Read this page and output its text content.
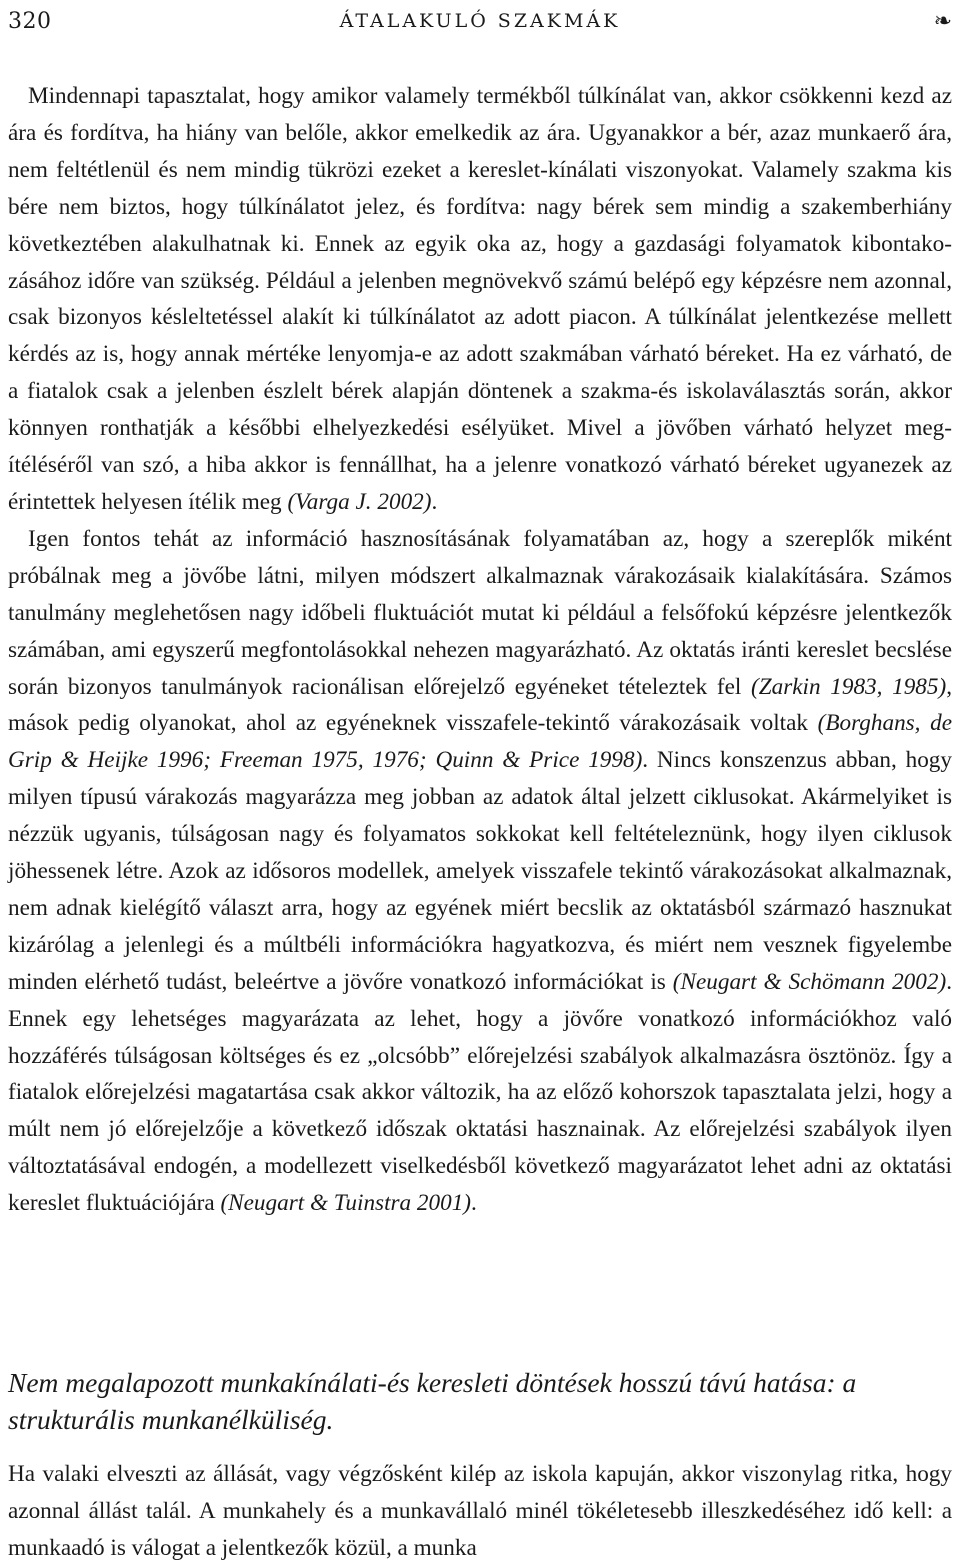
320	ÁTALAKULÓ SZAKMÁK	❧

Mindennapi tapasztalat, hogy amikor valamely termékből túlkínálat van, akkor csökkenni kezd az ára és fordítva, ha hiány van belőle, akkor emelkedik az ára. Ugyanakkor a bér, azaz munkaerő ára, nem feltétlenül és nem mindig tükrözi ezeket a kereslet-kínálati viszonyokat. Valamely szakma kis bére nem biztos, hogy túlkínálatot jelez, és fordítva: nagy bérek sem mindig a szakemberhiány következtében alakulhatnak ki. Ennek az egyik oka az, hogy a gazdasági folyamatok kibontakozásához időre van szükség. Például a jelenben megnövekvő számú belépő egy képzésre nem azonnal, csak bizonyos késleltetéssel alakít ki túlkínálatot az adott piacon. A túlkínálat jelentkezése mellett kérdés az is, hogy annak mértéke lenyomja-e az adott szakmában várható béreket. Ha ez várható, de a fiatalok csak a jelenben észlelt bérek alapján döntenek a szakma-és iskolaválasztás során, akkor könnyen ronthatják a későbbi elhelyezkedési esélyüket. Mivel a jövőben várható helyzet megítéléséről van szó, a hiba akkor is fennállhat, ha a jelenre vonatkozó várható béreket ugyanezek az érintettek helyesen ítélik meg (Varga J. 2002).

Igen fontos tehát az információ hasznosításának folyamatában az, hogy a szereplők miként próbálnak meg a jövőbe látni, milyen módszert alkalmaznak várakozásaik kialakítására. Számos tanulmány meglehetősen nagy időbeli fluktuációt mutat ki például a felsőfokú képzésre jelentkezők számában, ami egyszerű megfontolásokkal nehezen magyarázható. Az oktatás iránti kereslet becslése során bizonyos tanulmányok racionálisan előrejelző egyéneket tételeztek fel (Zarkin 1983, 1985), mások pedig olyanokat, ahol az egyéneknek visszafele-tekintő várakozásaik voltak (Borghans, de Grip & Heijke 1996; Freeman 1975, 1976; Quinn & Price 1998). Nincs konszenzus abban, hogy milyen típusú várakozás magyarázza meg jobban az adatok által jelzett ciklusokat. Akármelyiket is nézzük ugyanis, túlságosan nagy és folyamatos sokkokat kell feltételeznünk, hogy ilyen ciklusok jöhessenek létre. Azok az idősoros modellek, amelyek visszafele tekintő várakozásokat alkalmaznak, nem adnak kielégítő választ arra, hogy az egyének miért becslik az oktatásból származó hasznukat kizárólag a jelenlegi és a múltbéli információkra hagyatkozva, és miért nem vesznek figyelembe minden elérhető tudást, beleértve a jövőre vonatkozó információkat is (Neugart & Schömann 2002). Ennek egy lehetséges magyarázata az lehet, hogy a jövőre vonatkozó információkhoz való hozzáférés túlságosan költséges és ez „olcsóbb” előrejelzési szabályok alkalmazásra ösztönöz. Így a fiatalok előrejelzési magatartása csak akkor változik, ha az előző kohorszok tapasztalata jelzi, hogy a múlt nem jó előrejelzője a következő időszak oktatási hasznainak. Az előrejelzési szabályok ilyen változtatásával endogén, a modellezett viselkedésből következő magyarázatot lehet adni az oktatási kereslet fluktuációjára (Neugart & Tuinstra 2001).

Nem megalapozott munkakínálati-és keresleti döntések hosszú távú hatása: a strukturális munkanélküliség.

Ha valaki elveszti az állását, vagy végzősként kilép az iskola kapuján, akkor viszonylag ritka, hogy azonnal állást talál. A munkahely és a munkavállaló minél tökéletesebb illeszkedéséhez idő kell: a munkaadó is válogat a jelentkezők közül, a munka
